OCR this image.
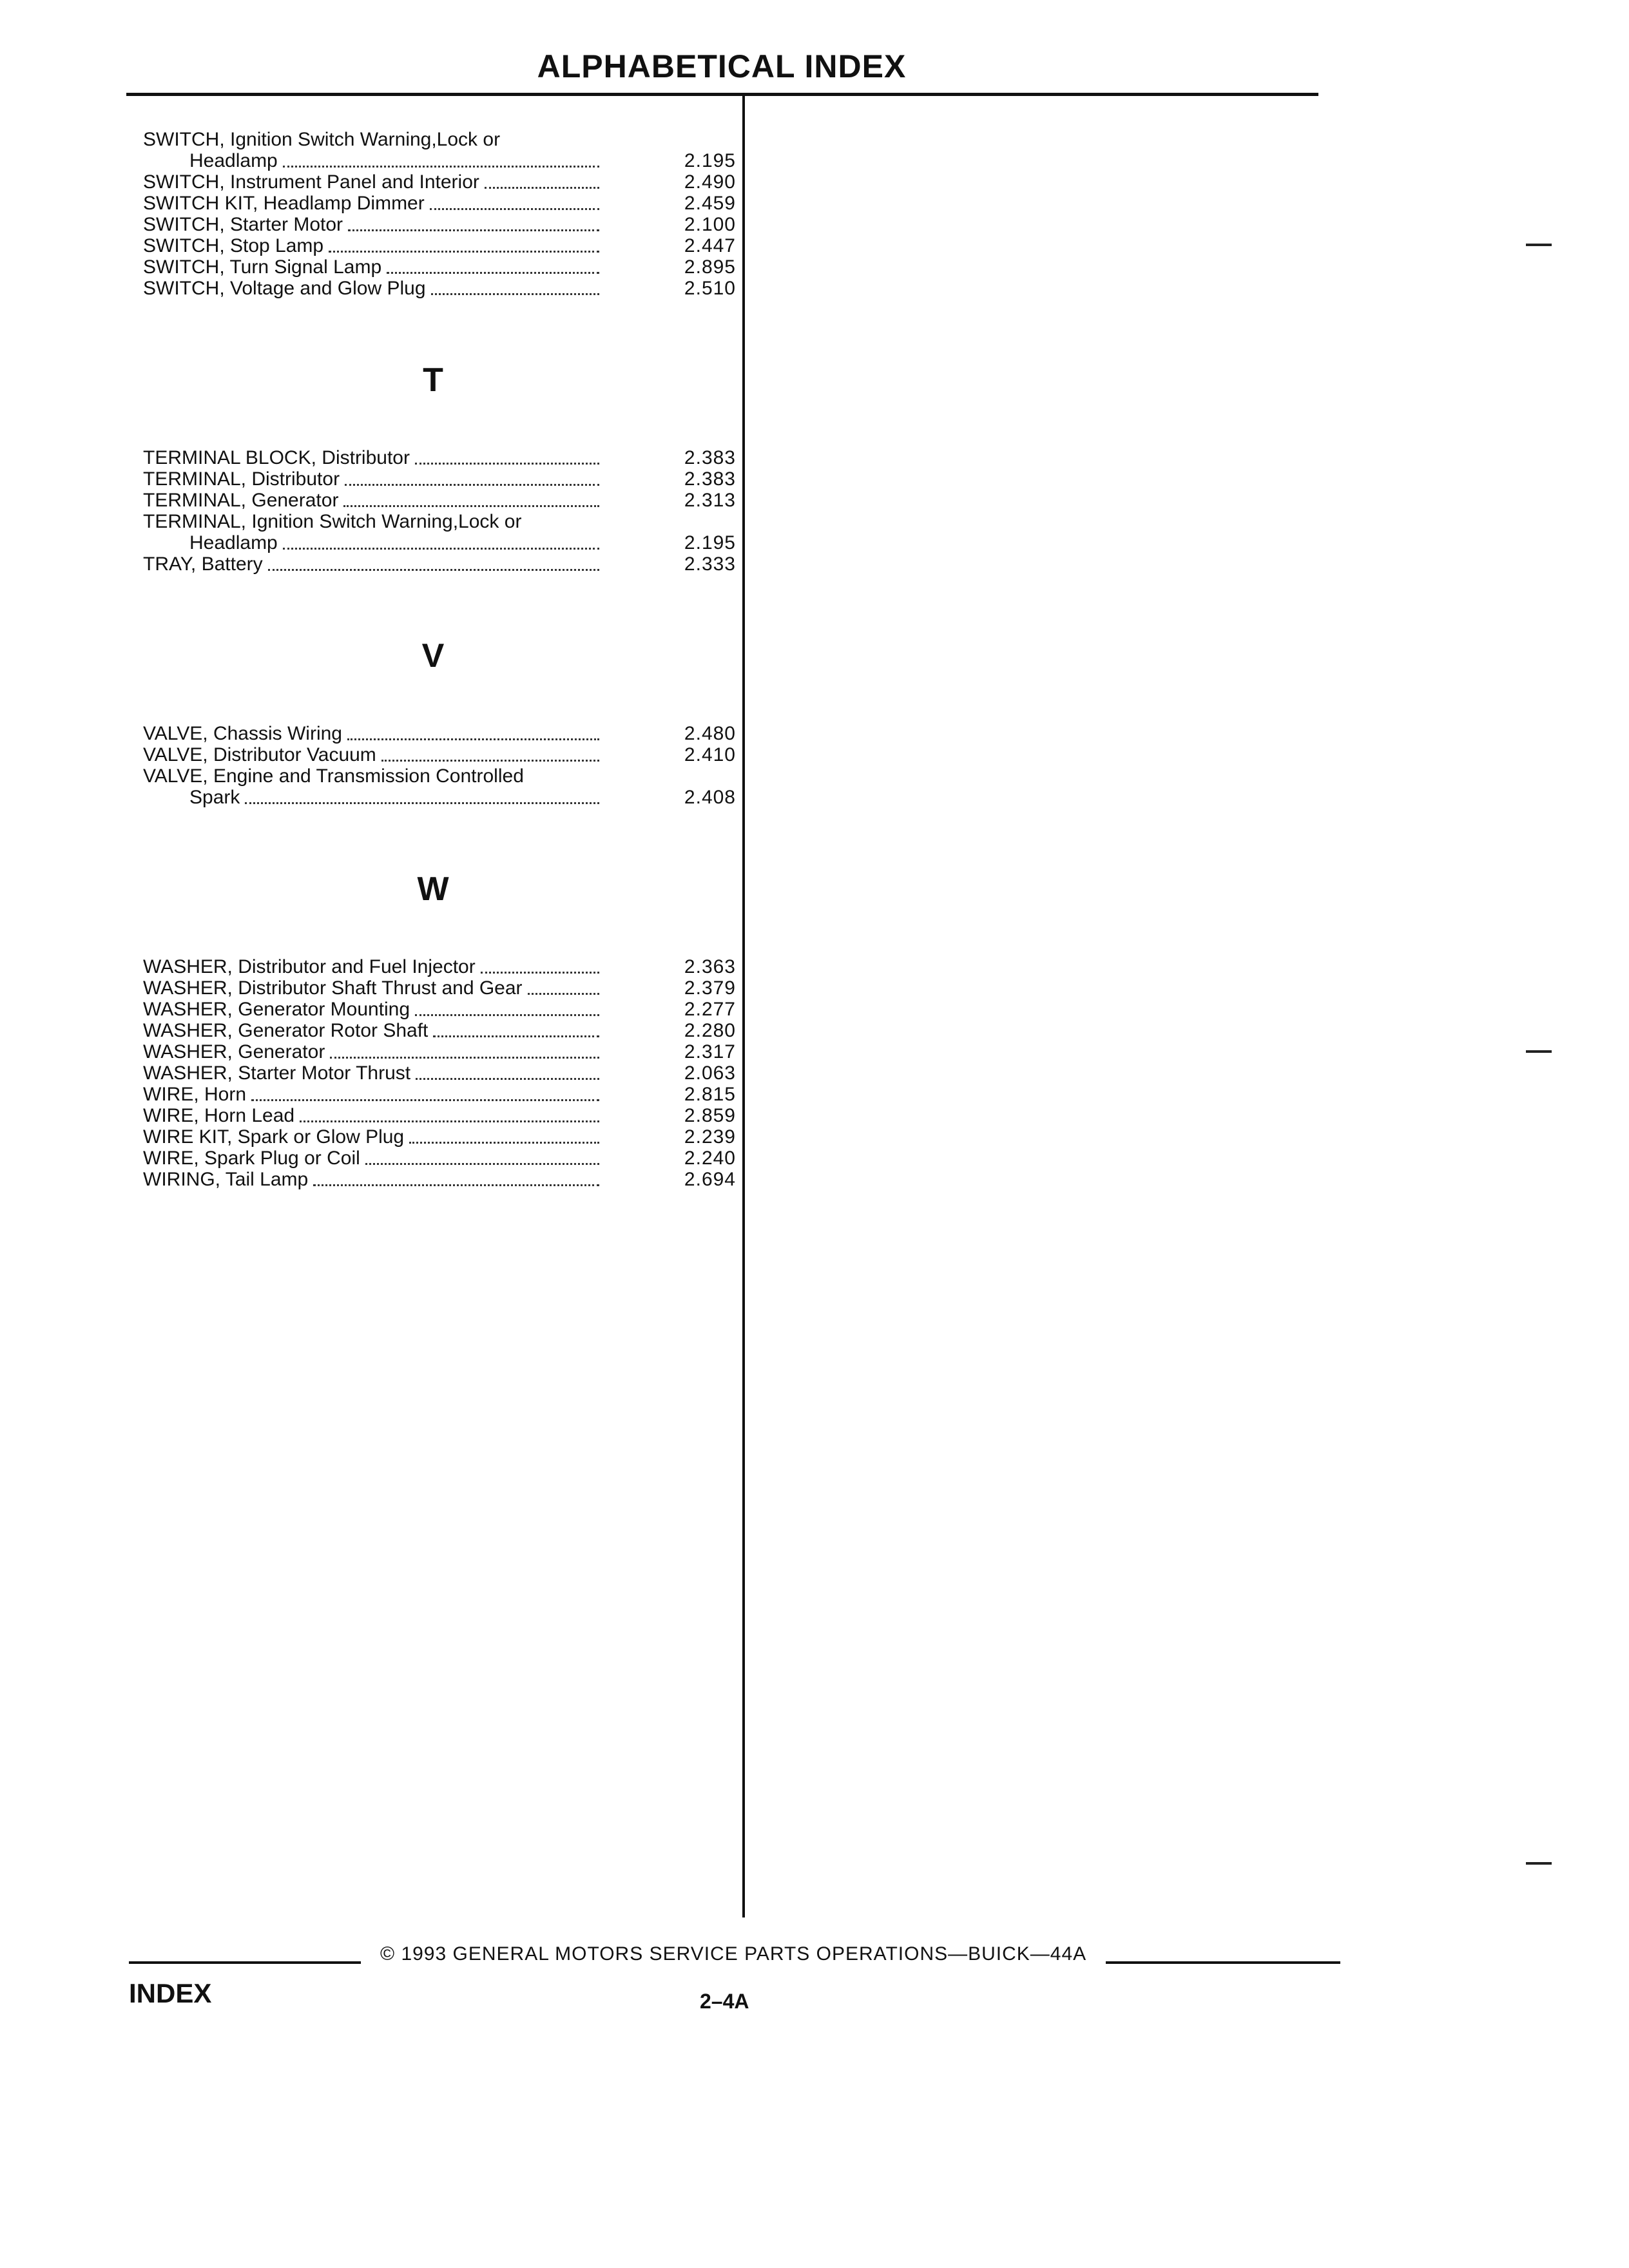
ALPHABETICAL INDEX
SWITCH, Ignition Switch Warning,Lock or
Headlamp	2.195
SWITCH, Instrument Panel and Interior	2.490
SWITCH KIT, Headlamp Dimmer	2.459
SWITCH, Starter Motor	2.100
SWITCH, Stop Lamp	2.447
SWITCH, Turn Signal Lamp	2.895
SWITCH, Voltage and Glow Plug	2.510
T
TERMINAL BLOCK, Distributor	2.383
TERMINAL, Distributor	2.383
TERMINAL, Generator	2.313
TERMINAL, Ignition Switch Warning,Lock or
Headlamp	2.195
TRAY, Battery	2.333
V
VALVE, Chassis Wiring	2.480
VALVE, Distributor Vacuum	2.410
VALVE, Engine and Transmission Controlled
Spark	2.408
W
WASHER, Distributor and Fuel Injector	2.363
WASHER, Distributor Shaft Thrust and Gear	2.379
WASHER, Generator Mounting	2.277
WASHER, Generator Rotor Shaft	2.280
WASHER, Generator	2.317
WASHER, Starter Motor Thrust	2.063
WIRE, Horn	2.815
WIRE, Horn Lead	2.859
WIRE KIT, Spark or Glow Plug	2.239
WIRE, Spark Plug or Coil	2.240
WIRING, Tail Lamp	2.694
© 1993 GENERAL MOTORS SERVICE PARTS OPERATIONS—BUICK—44A
INDEX	2–4A
